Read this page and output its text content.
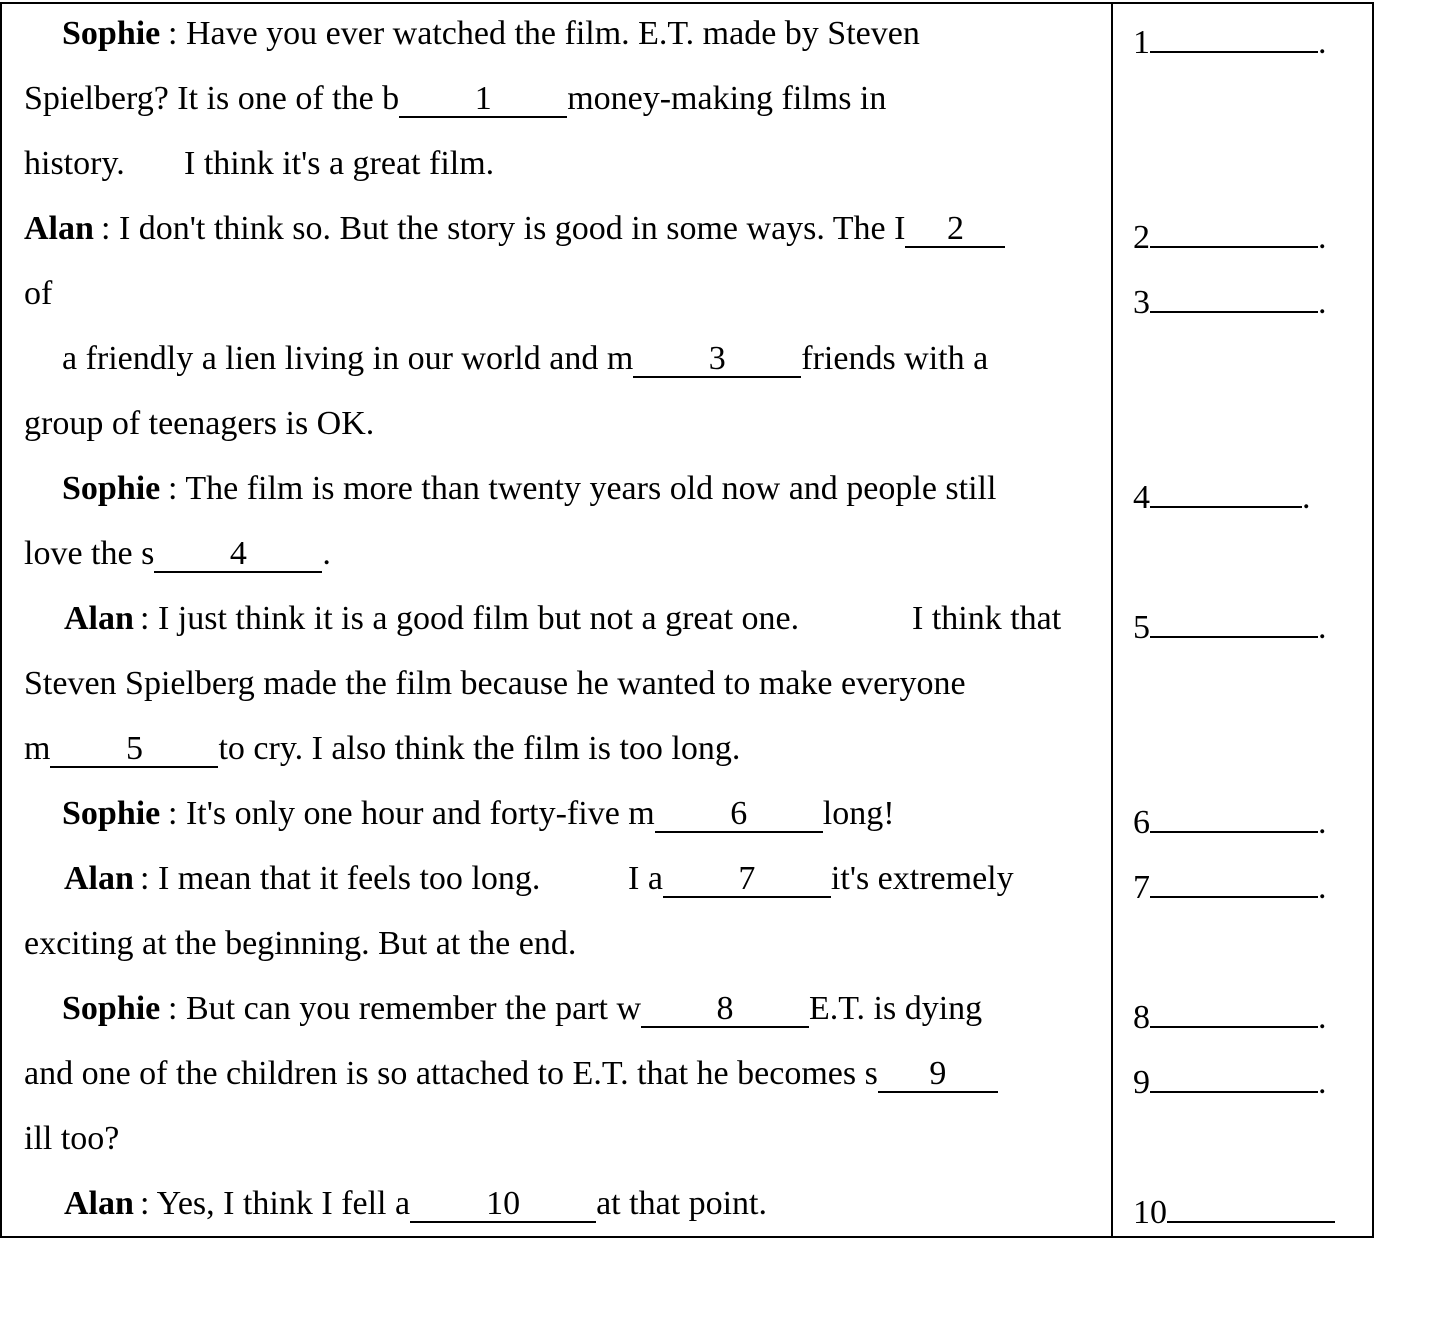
Sophie

: Have you ever watched the film. E.T. made by Steven

Spielberg? It is one of the b 1 money-making films in

history.

I think it's a great film.

Alan

: I don't think so. But the story is good in some ways. The I 2

of

a friendly a lien living in our world and m 3 friends with a

group of teenagers is OK.

Sophie

: The film is more than twenty years old now and people still

love the s 4 .

Alan

: I just think it is a good film but not a great one.

	I think that

Steven Spielberg made the film because he wanted to make everyone

m 5 to cry. I also think the film is too long.

Sophie

: It's only one hour and forty-five m 6 long!

Alan

: I mean that it feels too long.

	I a 7 it's extremely

exciting at the beginning. But at the end.

Sophie

: But can you remember the part w 8 E.T. is dying

and one of the children is so attached to E.T. that he becomes s 9

ill too?

Alan

: Yes, I think I fell a 10 at that point.

1	.
2	.
3	.
4	.
5	.
6	.
7	.
8	.
9	.
10
